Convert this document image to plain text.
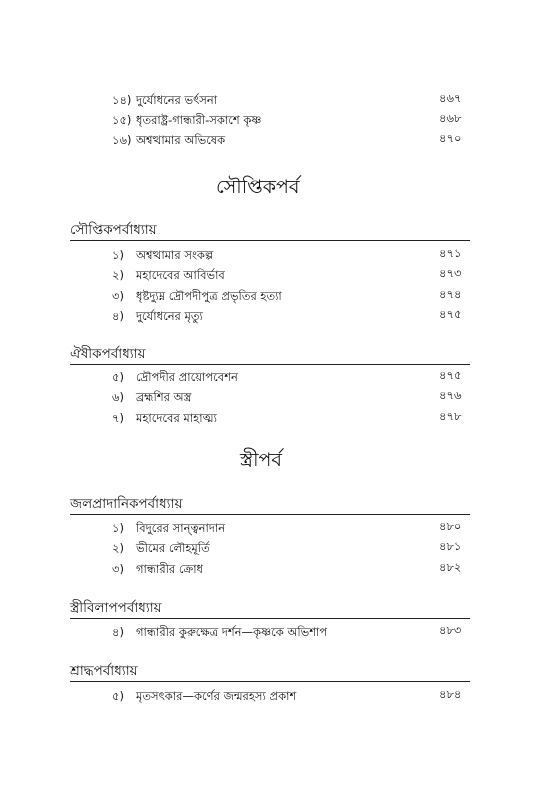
১৪) দুর্যোধনের ভর্ৎসনা	৪৬৭
১৫) ধৃতরাষ্ট্র-গান্ধারী-সকাশে কৃষ্ণ	৪৬৮
১৬) অশ্বত্থামার অভিষেক	৪৭০
সৌপ্তিকপর্ব
সৌপ্তিকপর্বাধ্যায়
১) অশ্বত্থামার সংকল্প	৪৭১
২) মহাদেবের আবির্ভাব	৪৭৩
৩) ধৃষ্টদ্যুম্ন দ্রৌপদীপুত্র প্রভৃতির হত্যা	৪৭৪
৪) দুর্যোধনের মৃত্যু	৪৭৫
ঐষীকপর্বাধ্যায়
৫) দ্রৌপদীর প্রায়োপবেশন	৪৭৫
৬) ব্রহ্মশির অস্ত্র	৪৭৬
৭) মহাদেবের মাহাত্ম্য	৪৭৮
স্ত্রীপর্ব
জলপ্রাদানিকপর্বাধ্যায়
১) বিদুরের সান্ত্বনাদান	৪৮০
২) ভীমের লৌহমূর্তি	৪৮১
৩) গান্ধারীর ক্রোধ	৪৮২
স্ত্রীবিলাপপর্বাধ্যায়
৪) গান্ধারীর কুরুক্ষেত্র দর্শন—কৃষ্ণকে অভিশাপ	৪৮৩
শ্রাদ্ধপর্বাধ্যায়
৫) মৃতসৎকার—কর্ণের জন্মরহস্য প্রকাশ	৪৮৪
